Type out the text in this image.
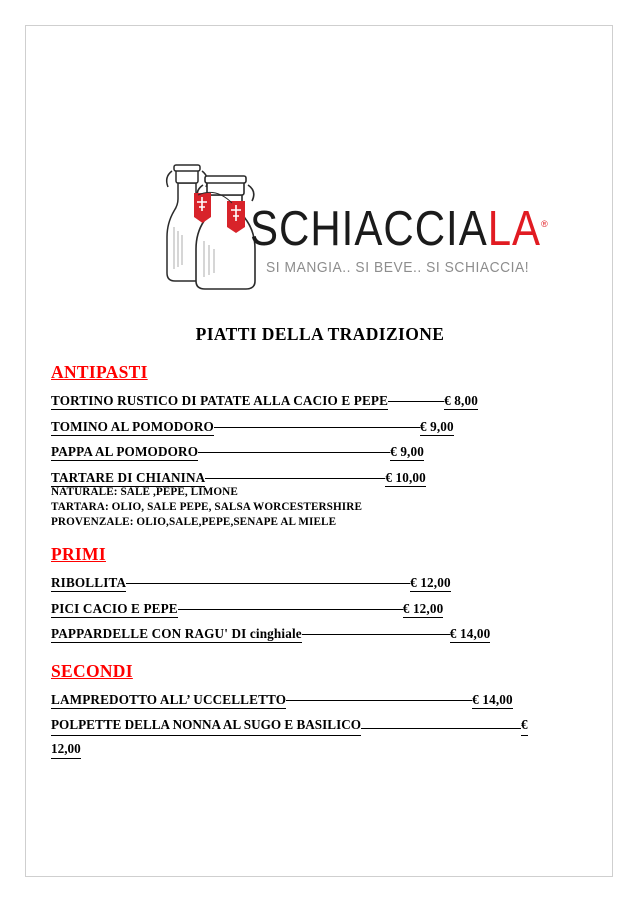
SCHIACCIALA®
SI MANGIA.. SI BEVE.. SI SCHIACCIA!
PIATTI DELLA TRADIZIONE
ANTIPASTI
TORTINO RUSTICO DI PATATE ALLA CACIO E PEPE	€ 8,00
TOMINO AL POMODORO	€ 9,00
PAPPA AL POMODORO	€ 9,00
TARTARE DI CHIANINA	€ 10,00
NATURALE: SALE ,PEPE, LIMONE
TARTARA: OLIO, SALE PEPE, SALSA WORCESTERSHIRE
PROVENZALE: OLIO,SALE,PEPE,SENAPE AL MIELE
PRIMI
RIBOLLITA	€ 12,00
PICI CACIO E PEPE	€ 12,00
PAPPARDELLE CON RAGU' DI cinghiale	€ 14,00
SECONDI
LAMPREDOTTO ALL’ UCCELLETTO	€ 14,00
POLPETTE DELLA NONNA AL SUGO E BASILICO	€
12,00
